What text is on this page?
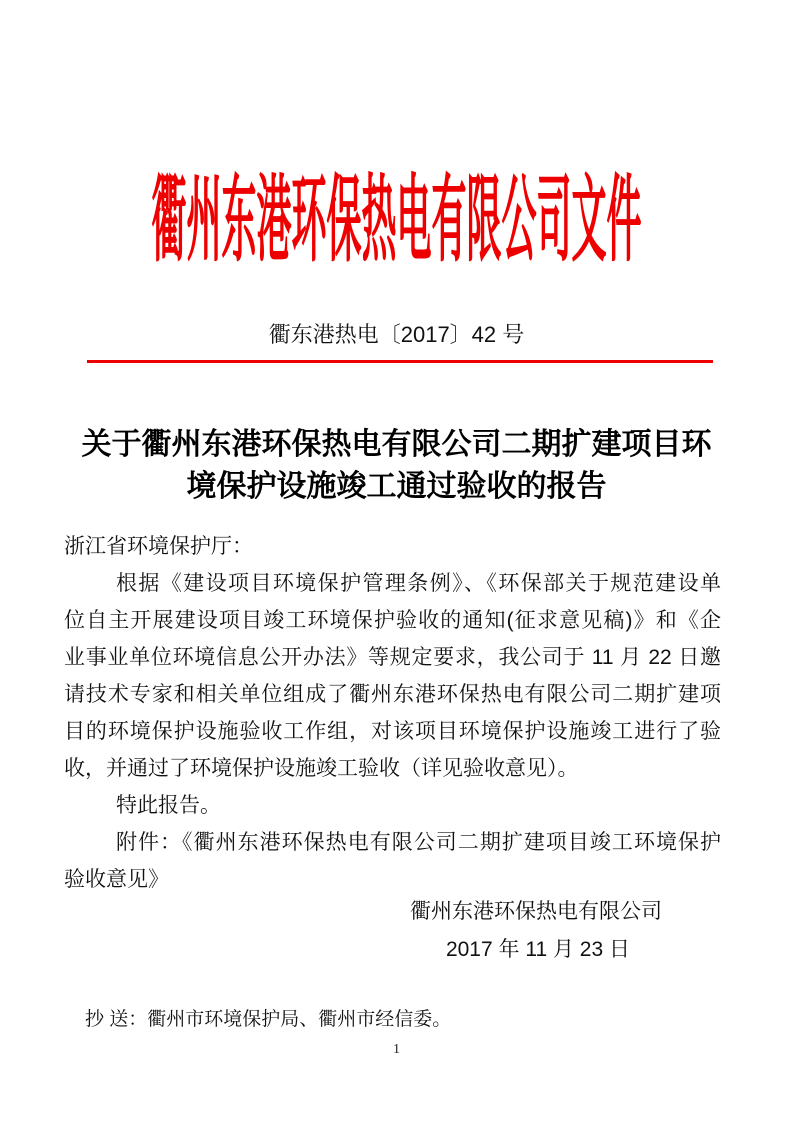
衢州东港环保热电有限公司文件
衢东港热电〔2017〕42 号
关于衢州东港环保热电有限公司二期扩建项目环
境保护设施竣工通过验收的报告
浙江省环境保护厅：
根据《建设项目环境保护管理条例》、《环保部关于规范建设单
位自主开展建设项目竣工环境保护验收的通知(征求意见稿)》和《企
业事业单位环境信息公开办法》等规定要求，我公司于 11 月 22 日邀
请技术专家和相关单位组成了衢州东港环保热电有限公司二期扩建项
目的环境保护设施验收工作组，对该项目环境保护设施竣工进行了验
收，并通过了环境保护设施竣工验收（详见验收意见）。
特此报告。
附件：《衢州东港环保热电有限公司二期扩建项目竣工环境保护
验收意见》
衢州东港环保热电有限公司
2017 年 11 月 23 日
抄 送：衢州市环境保护局、衢州市经信委。
1
